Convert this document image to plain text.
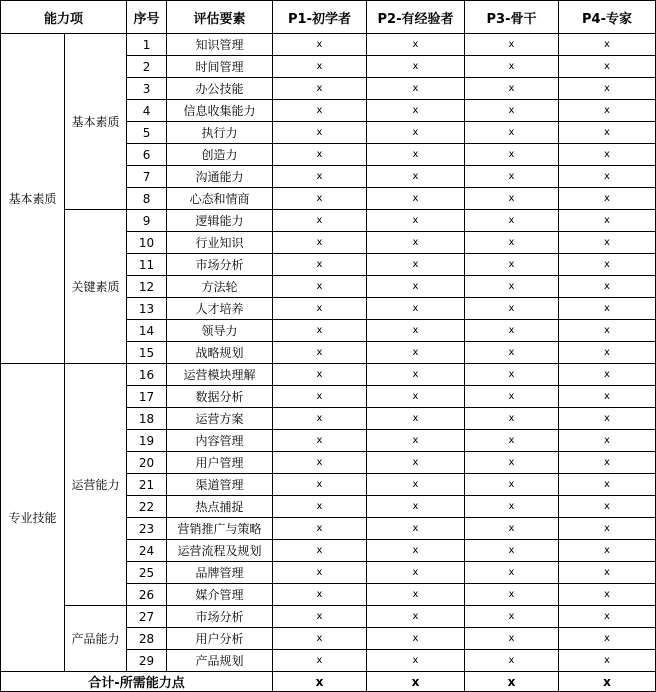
能力项		序号	评估要素	P1-初学者	P2-有经验者	P3-骨干	P4-专家
基本素质	基本素质	1	知识管理	x	x	x	x
		2	时间管理	x	x	x	x
		3	办公技能	x	x	x	x
		4	信息收集能力	x	x	x	x
		5	执行力	x	x	x	x
		6	创造力	x	x	x	x
		7	沟通能力	x	x	x	x
		8	心态和情商	x	x	x	x
	关键素质	9	逻辑能力	x	x	x	x
		10	行业知识	x	x	x	x
		11	市场分析	x	x	x	x
		12	方法轮	x	x	x	x
		13	人才培养	x	x	x	x
		14	领导力	x	x	x	x
		15	战略规划	x	x	x	x
专业技能	运营能力	16	运营模块理解	x	x	x	x
		17	数据分析	x	x	x	x
		18	运营方案	x	x	x	x
		19	内容管理	x	x	x	x
		20	用户管理	x	x	x	x
		21	渠道管理	x	x	x	x
		22	热点捕捉	x	x	x	x
		23	营销推广与策略	x	x	x	x
		24	运营流程及规划	x	x	x	x
		25	品牌管理	x	x	x	x
		26	媒介管理	x	x	x	x
	产品能力	27	市场分析	x	x	x	x
		28	用户分析	x	x	x	x
		29	产品规划	x	x	x	x
合计-所需能力点				x	x	x	x
